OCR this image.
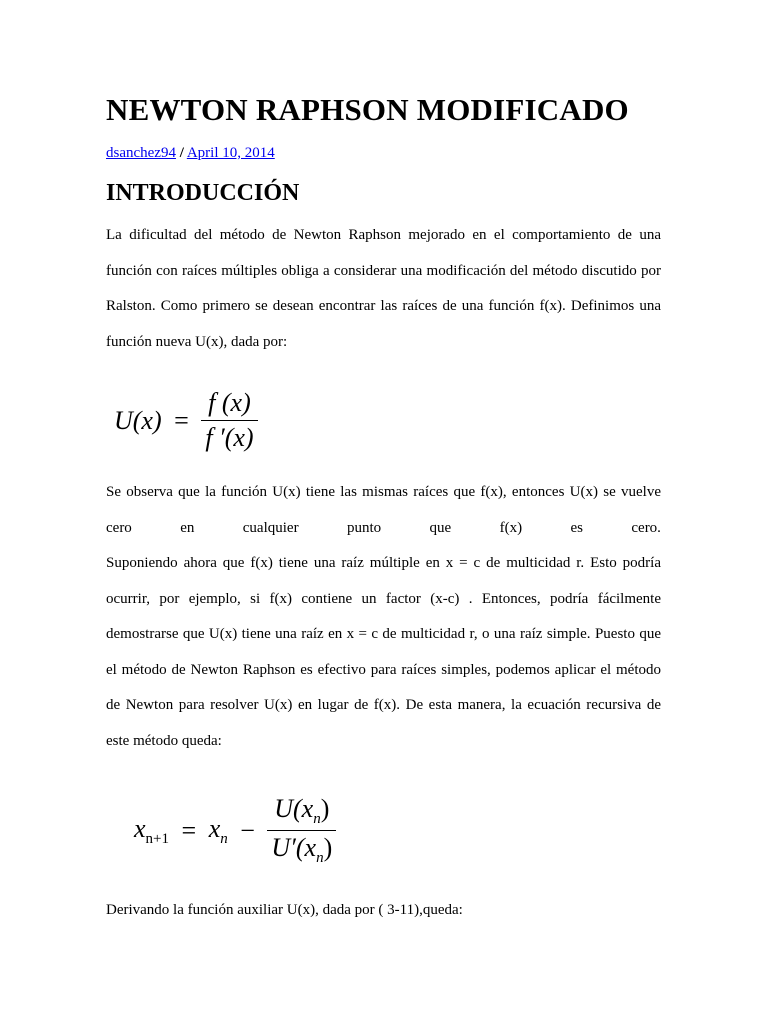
NEWTON RAPHSON MODIFICADO
dsanchez94 / April 10, 2014
INTRODUCCIÓN
La dificultad del método de Newton Raphson mejorado en el comportamiento de una
función con raíces múltiples obliga a considerar una modificación del método discutido por
Ralston. Como primero se desean encontrar las raíces de una función f(x). Definimos una
función nueva U(x), dada por:
$U(x) = \frac{f (x)}{f '(x)}$
Se observa que la función U(x) tiene las mismas raíces que f(x), entonces U(x) se vuelve
cero	en	cualquier	punto	que	f(x)	es	cero.
Suponiendo ahora que f(x) tiene una raíz múltiple en x = c de multicidad r. Esto podría
ocurrir, por ejemplo, si f(x) contiene un factor (x-c) . Entonces, podría fácilmente
demostrarse que U(x) tiene una raíz en x = c de multicidad r, o una raíz simple. Puesto que
el método de Newton Raphson es efectivo para raíces simples, podemos aplicar el método
de Newton para resolver U(x) en lugar de f(x). De esta manera, la ecuación recursiva de
este método queda:
$x_{n+1} = x_n - \frac{U(x_n)}{U'(x_n)}$
Derivando la función auxiliar U(x), dada por ( 3-11),queda:
